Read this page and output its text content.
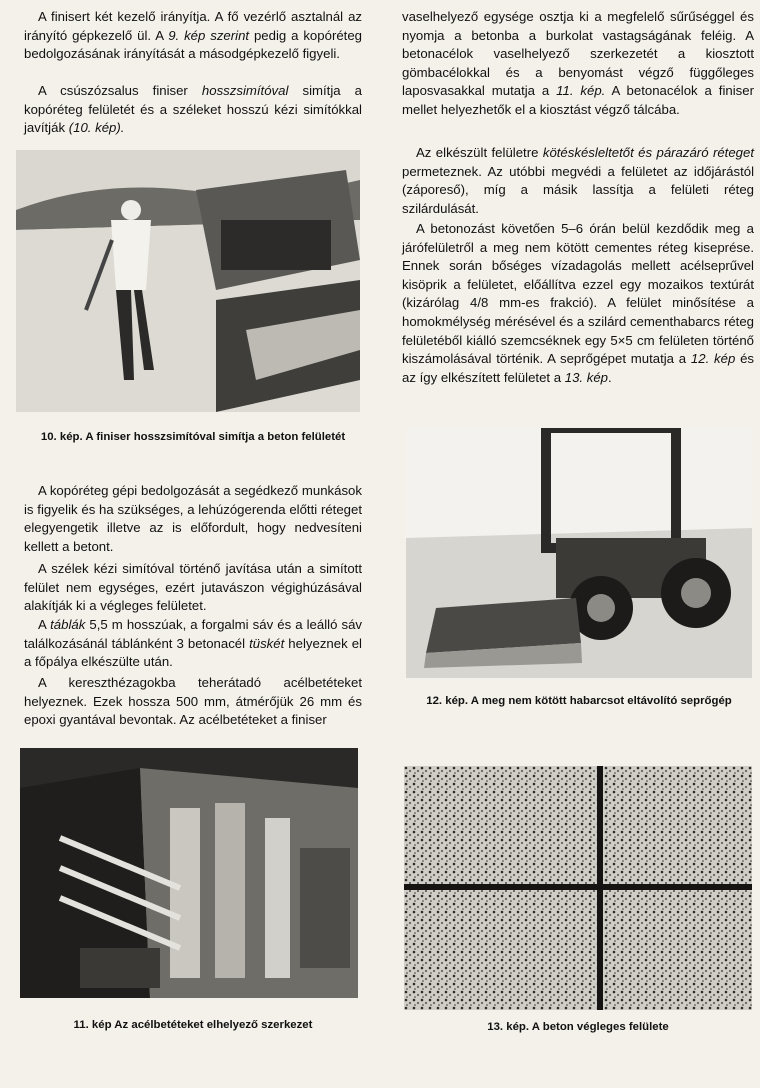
A finisert két kezelő irányítja. A fő vezérlő asztalnál az irányító gépkezelő ül. A 9. kép szerint pedig a kopóréteg bedolgozásának irányítását a másodgépkezelő figyeli.

A csúszózsalus finiser hosszsimítóval simítja a kopóréteg felületét és a széleket hosszú kézi simítókkal javítják (10. kép).

10. kép. A finiser hosszsimítóval simítja a beton felületét

A kopóréteg gépi bedolgozását a segédkező munkások is figyelik és ha szükséges, a lehúzógerenda előtti réteget elegyengetik illetve az is előfordult, hogy nedvesíteni kellett a betont.

A szélek kézi simítóval történő javítása után a simított felület nem egységes, ezért jutavászon végighúzásával alakítják ki a végleges felületet.

A táblák 5,5 m hosszúak, a forgalmi sáv és a leálló sáv találkozásánál táblánként 3 betonacél tüskét helyeznek el a főpálya elkészülte után.

A kereszthézagokba teherátadó acélbetéteket helyeznek. Ezek hossza 500 mm, átmérőjük 26 mm és epoxi gyantával bevontak. Az acélbetéteket a finiser

11. kép Az acélbetéteket elhelyező szerkezet

vaselhelyező egysége osztja ki a megfelelő sűrűséggel és nyomja a betonba a burkolat vastagságának feléig. A betonacélok vaselhelyező szerkezetét a kiosztott gömbacélokkal és a benyomást végző függőleges laposvasakkal mutatja a 11. kép. A betonacélok a finiser mellet helyezhetők el a kiosztást végző tálcába.

Az elkészült felületre kötéskésleltetőt és párazáró réteget permeteznek. Az utóbbi megvédi a felületet az időjárástól (záporeső), míg a másik lassítja a felületi réteg szilárdulását.

A betonozást követően 5–6 órán belül kezdődik meg a járófelületről a meg nem kötött cementes réteg kiseprése. Ennek során bőséges vízadagolás mellett acélseprűvel kisöprik a felületet, előállítva ezzel egy mozaikos textúrát (kizárólag 4/8 mm-es frakció). A felület minősítése a homokmélység mérésével és a szilárd cementhabarcs réteg felületéből kiálló szemcséknek egy 5×5 cm felületen történő kiszámolásával történik. A seprőgépet mutatja a 12. kép és az így elkészített felületet a 13. kép.

12. kép. A meg nem kötött habarcsot eltávolító seprőgép
13. kép. A beton végleges felülete
